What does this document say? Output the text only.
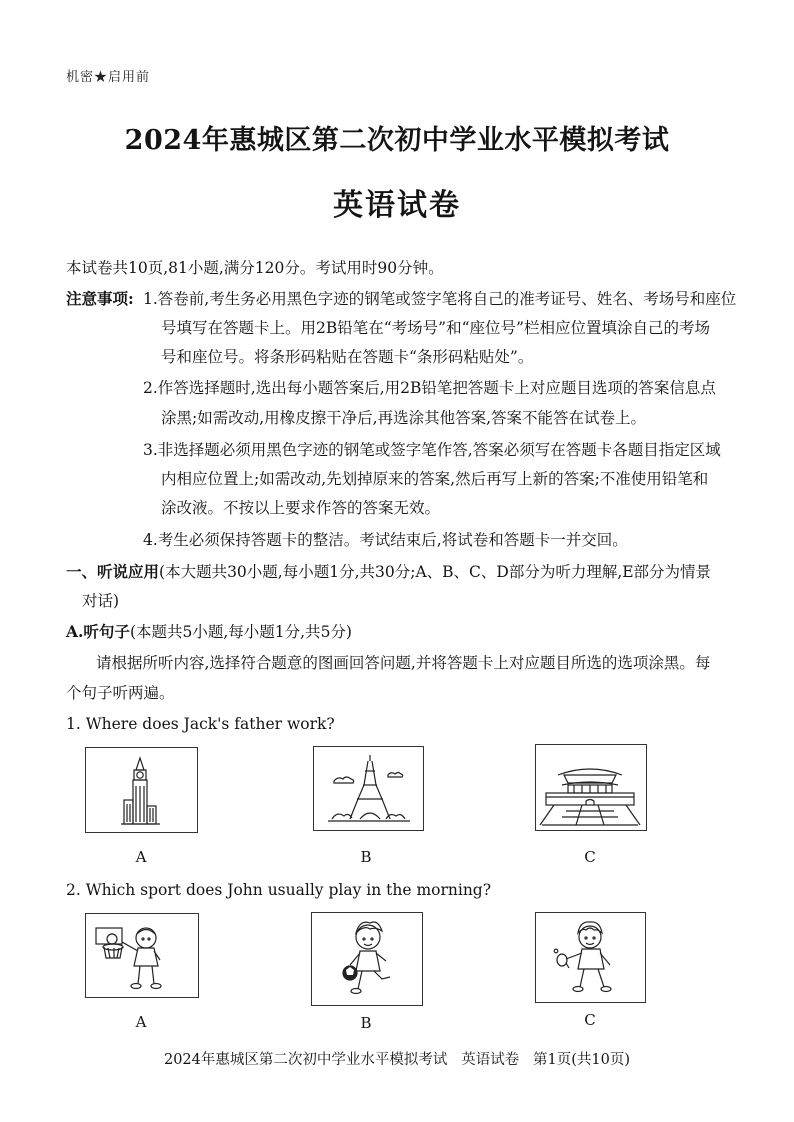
机密★启用前
2024年惠城区第二次初中学业水平模拟考试
英语试卷
本试卷共10页,81小题,满分120分。考试用时90分钟。
注意事项: 1.答卷前,考生务必用黑色字迹的钢笔或签字笔将自己的准考证号、姓名、考场号和座位
号填写在答题卡上。用2B铅笔在“考场号”和“座位号”栏相应位置填涂自己的考场
号和座位号。将条形码粘贴在答题卡“条形码粘贴处”。
2.作答选择题时,选出每小题答案后,用2B铅笔把答题卡上对应题目选项的答案信息点
涂黑;如需改动,用橡皮擦干净后,再选涂其他答案,答案不能答在试卷上。
3.非选择题必须用黑色字迹的钢笔或签字笔作答,答案必须写在答题卡各题目指定区域
内相应位置上;如需改动,先划掉原来的答案,然后再写上新的答案;不准使用铅笔和
涂改液。不按以上要求作答的答案无效。
4.考生必须保持答题卡的整洁。考试结束后,将试卷和答题卡一并交回。
一、听说应用(本大题共30小题,每小题1分,共30分;A、B、C、D部分为听力理解,E部分为情景
对话)
A.听句子(本题共5小题,每小题1分,共5分)
请根据所听内容,选择符合题意的图画回答问题,并将答题卡上对应题目所选的选项涂黑。每
个句子听两遍。
1. Where does Jack's father work?
A	B	C
2. Which sport does John usually play in the morning?
A	B	C
2024年惠城区第二次初中学业水平模拟考试   英语试卷   第1页(共10页)
